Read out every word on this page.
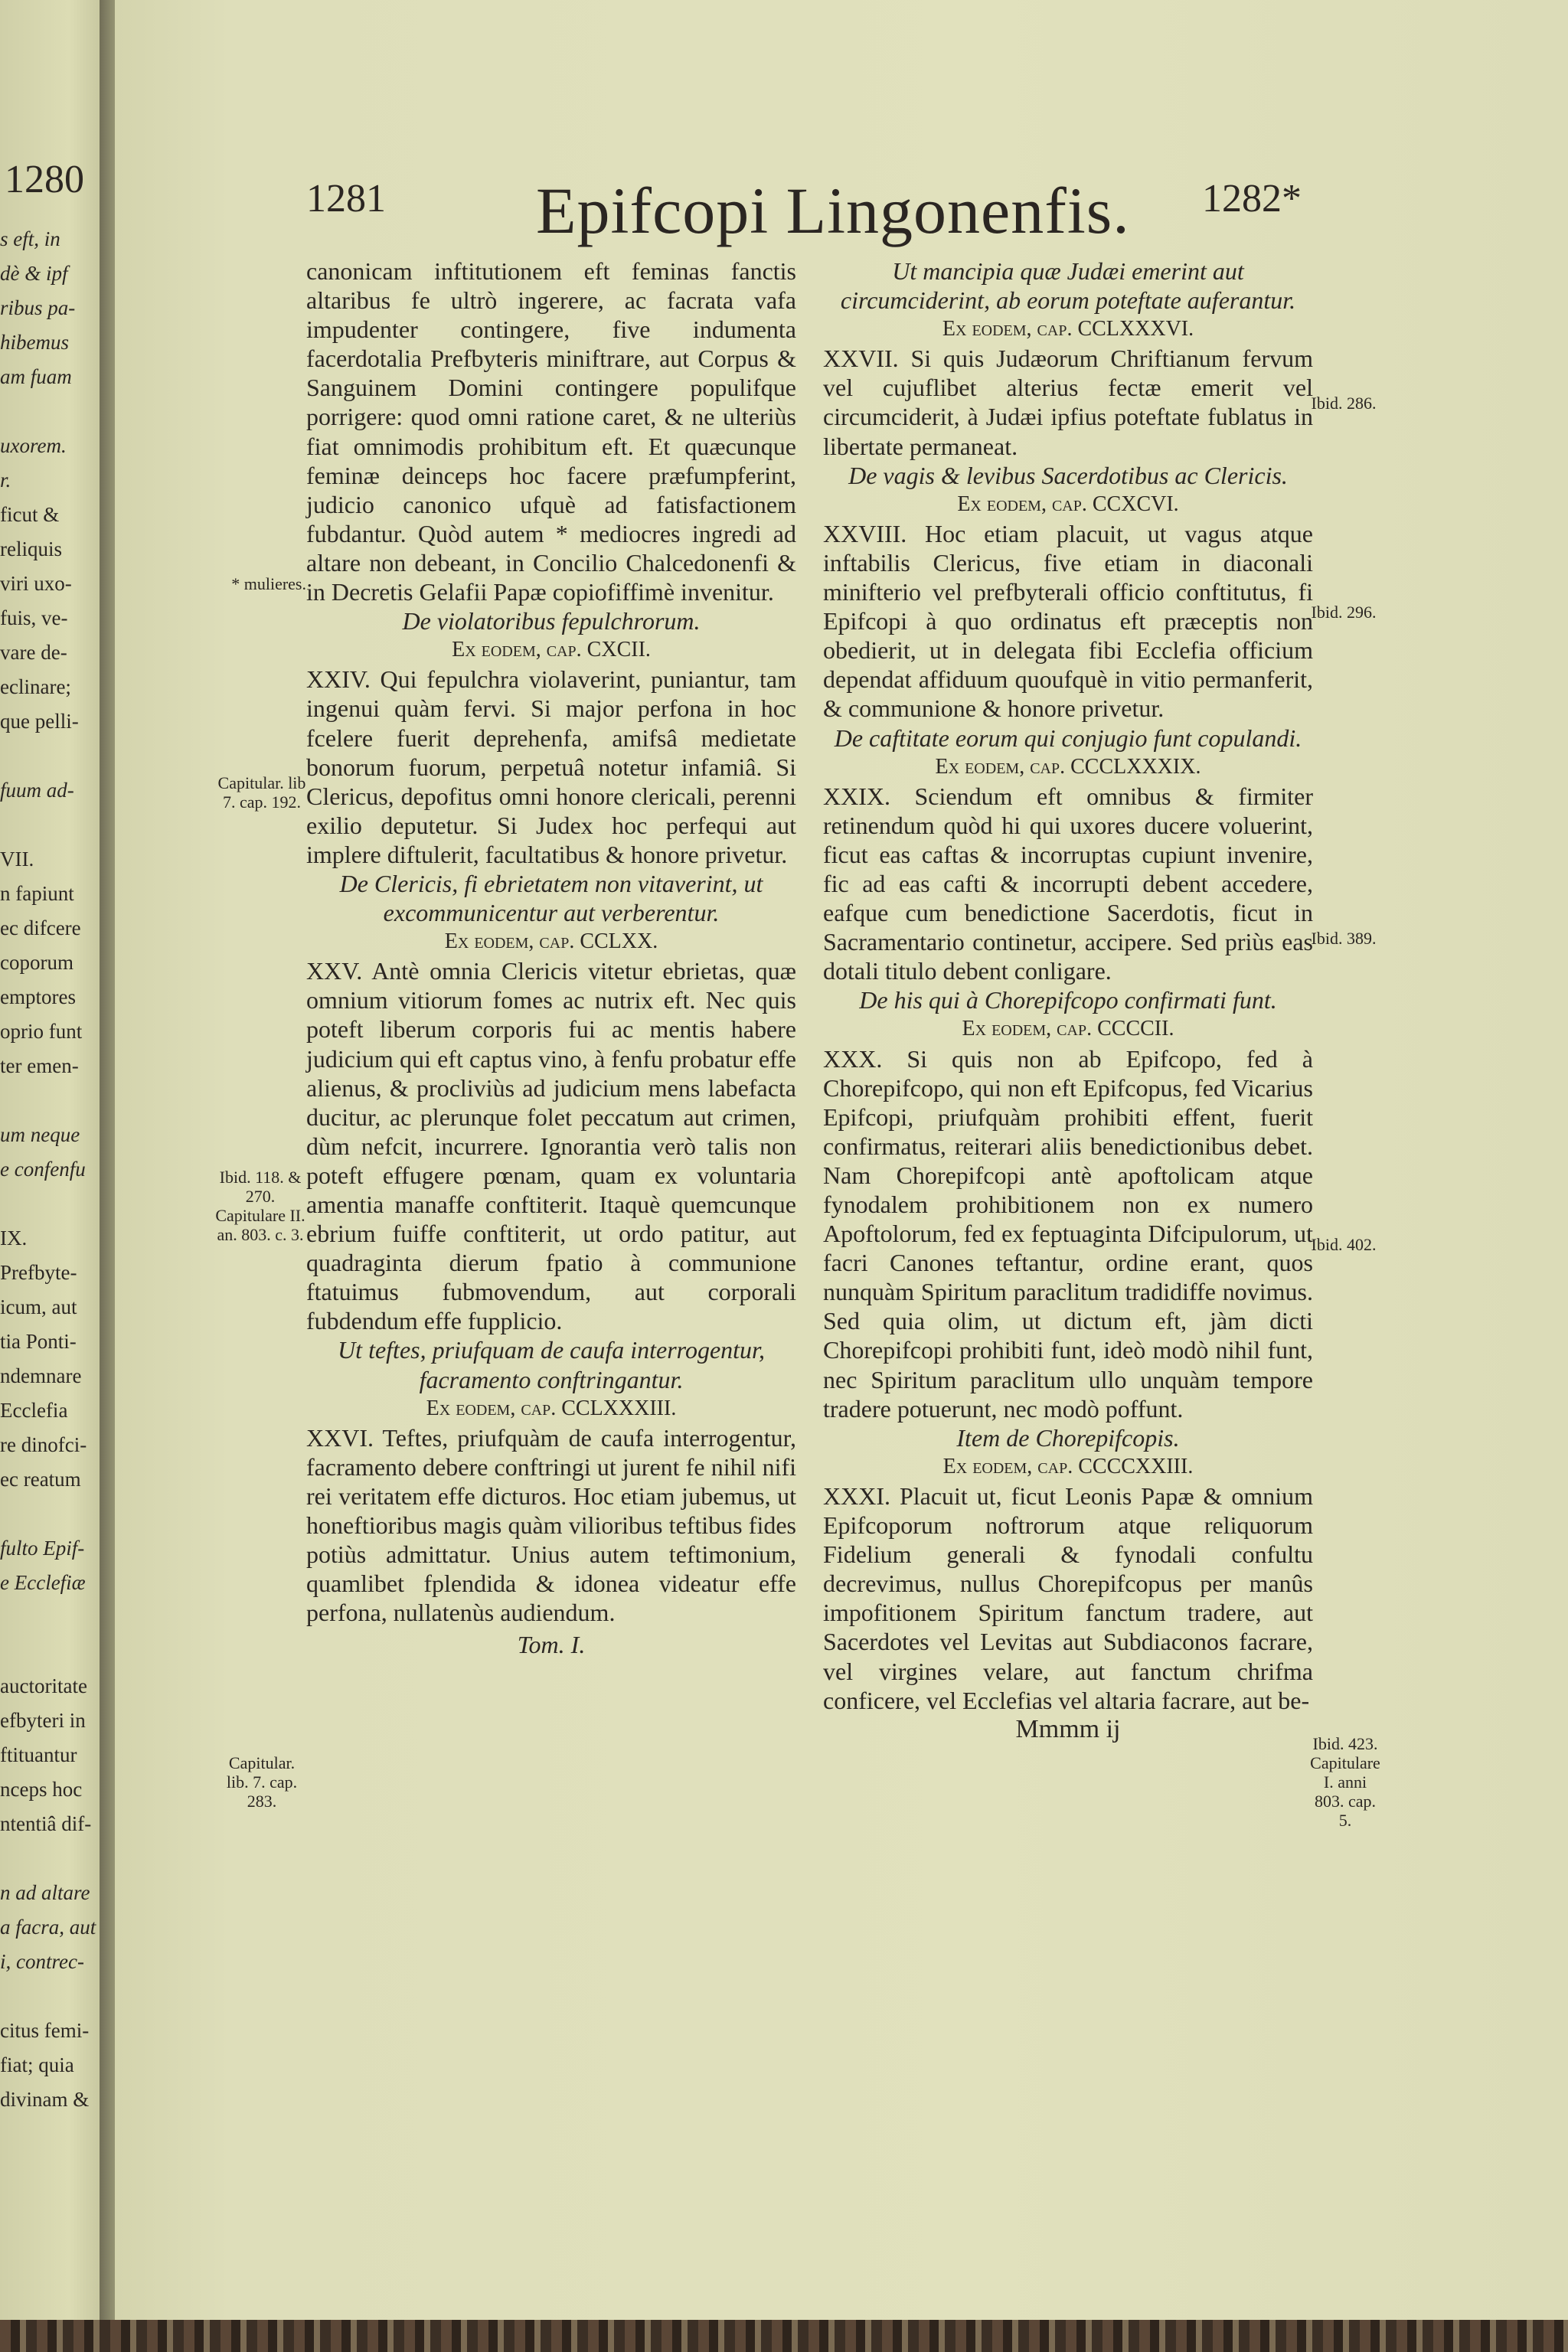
1280
s eft, in
dè & ipf
ribus pa-
hibemus
am fuam
uxorem.
r.
ficut &
reliquis
viri uxo-
fuis, ve-
vare de-
eclinare;
que pelli-
fuum ad-
VII.
n fapiunt
ec difcere
coporum
emptores
oprio funt
ter emen-
um neque
e confenfu
IX.
Prefbyte-
icum, aut
tia Ponti-
ndemnare
Ecclefia
re dinofci-
ec reatum
fulto Epif-
e Ecclefiæ
auctoritate
efbyteri in
ftituantur
nceps hoc
ntentiâ dif-
n ad altare
a facra, aut
i, contrec-
citus femi-
fiat; quia
divinam &
1281 Epifcopi Lingonenfis. 1282*

canonicam inftitutionem eft feminas fanctis altaribus fe ultrò ingerere, ac facrata vafa impudenter contingere, five indumenta facerdotalia Prefbyteris miniftrare, aut Corpus & Sanguinem Domini contingere populifque porrigere: quod omni ratione caret, & ne ulteriùs fiat omnimodis prohibitum eft. Et quæcunque feminæ deinceps hoc facere præfumpferint, judicio canonico ufquè ad fatisfactionem fubdantur. Quòd autem * mediocres ingredi ad altare non debeant, in Concilio Chalcedonenfi & in Decretis Gelafii Papæ copiofiffimè invenitur.

De violatoribus fepulchrorum.

Ex eodem, cap. CXCII.

XXIV. Qui fepulchra violaverint, puniantur, tam ingenui quàm fervi. Si major perfona in hoc fcelere fuerit deprehenfa, amifsâ medietate bonorum fuorum, perpetuâ notetur infamiâ. Si Clericus, depofitus omni honore clericali, perenni exilio deputetur. Si Judex hoc perfequi aut implere diftulerit, facultatibus & honore privetur.

De Clericis, fi ebrietatem non vitaverint, ut excommunicentur aut verberentur.

Ex eodem, cap. CCLXX.

XXV. Antè omnia Clericis vitetur ebrietas, quæ omnium vitiorum fomes ac nutrix eft. Nec quis poteft liberum corporis fui ac mentis habere judicium qui eft captus vino, à fenfu probatur effe alienus, & procliviùs ad judicium mens labefacta ducitur, ac plerunque folet peccatum aut crimen, dùm nefcit, incurrere. Ignorantia verò talis non poteft effugere pœnam, quam ex voluntaria amentia manaffe conftiterit. Itaquè quemcunque ebrium fuiffe conftiterit, ut ordo patitur, aut quadraginta dierum fpatio à communione ftatuimus fubmovendum, aut corporali fubdendum effe fupplicio.

Ut teftes, priufquam de caufa interrogentur, facramento conftringantur.

Ex eodem, cap. CCLXXXIII.

XXVI. Teftes, priufquàm de caufa interrogentur, facramento debere conftringi ut jurent fe nihil nifi rei veritatem effe dicturos. Hoc etiam jubemus, ut honeftioribus magis quàm vilioribus teftibus fides potiùs admittatur. Unius autem teftimonium, quamlibet fplendida & idonea videatur effe perfona, nullatenùs audiendum.

Tom. I.

Ut mancipia quæ Judæi emerint aut circumciderint, ab eorum poteftate auferantur.

Ex eodem, cap. CCLXXXVI.

XXVII. Si quis Judæorum Chriftianum fervum vel cujuflibet alterius fectæ emerit vel circumciderit, à Judæi ipfius poteftate fublatus in libertate permaneat.

De vagis & levibus Sacerdotibus ac Clericis.

Ex eodem, cap. CCXCVI.

XXVIII. Hoc etiam placuit, ut vagus atque inftabilis Clericus, five etiam in diaconali minifterio vel prefbyterali officio conftitutus, fi Epifcopi à quo ordinatus eft præceptis non obedierit, ut in delegata fibi Ecclefia officium dependat affiduum quoufquè in vitio permanferit, & communione & honore privetur.

De caftitate eorum qui conjugio funt copulandi.

Ex eodem, cap. CCCLXXXIX.

XXIX. Sciendum eft omnibus & firmiter retinendum quòd hi qui uxores ducere voluerint, ficut eas caftas & incorruptas cupiunt invenire, fic ad eas cafti & incorrupti debent accedere, eafque cum benedictione Sacerdotis, ficut in Sacramentario continetur, accipere. Sed priùs eas dotali titulo debent conligare.

De his qui à Chorepifcopo confirmati funt.

Ex eodem, cap. CCCCII.

XXX. Si quis non ab Epifcopo, fed à Chorepifcopo, qui non eft Epifcopus, fed Vicarius Epifcopi, priufquàm prohibiti effent, fuerit confirmatus, reiterari aliis benedictionibus debet. Nam Chorepifcopi antè apoftolicam atque fynodalem prohibitionem non ex numero Apoftolorum, fed ex feptuaginta Difcipulorum, ut facri Canones teftantur, ordine erant, quos nunquàm Spiritum paraclitum tradidiffe novimus. Sed quia olim, ut dictum eft, jàm dicti Chorepifcopi prohibiti funt, ideò modò nihil funt, nec Spiritum paraclitum ullo unquàm tempore tradere potuerunt, nec modò poffunt.

Item de Chorepifcopis.

Ex eodem, cap. CCCCXXIII.

XXXI. Placuit ut, ficut Leonis Papæ & omnium Epifcoporum noftrorum atque reliquorum Fidelium generali & fynodali confultu decrevimus, nullus Chorepifcopus per manûs impofitionem Spiritum fanctum tradere, aut Sacerdotes vel Levitas aut Subdiaconos facrare, vel virgines velare, aut fanctum chrifma conficere, vel Ecclefias vel altaria facrare, aut be-

Mmmm ij

* mulieres.
Capitular. lib 7. cap. 192.
Ibid. 118. & 270. Capitulare II. an. 803. c. 3.
Capitular. lib. 7. cap. 283.
Ibid. 286.
Ibid. 296.
Ibid. 389.
Ibid. 402.
Ibid. 423. Capitulare I. anni 803. cap. 5.
